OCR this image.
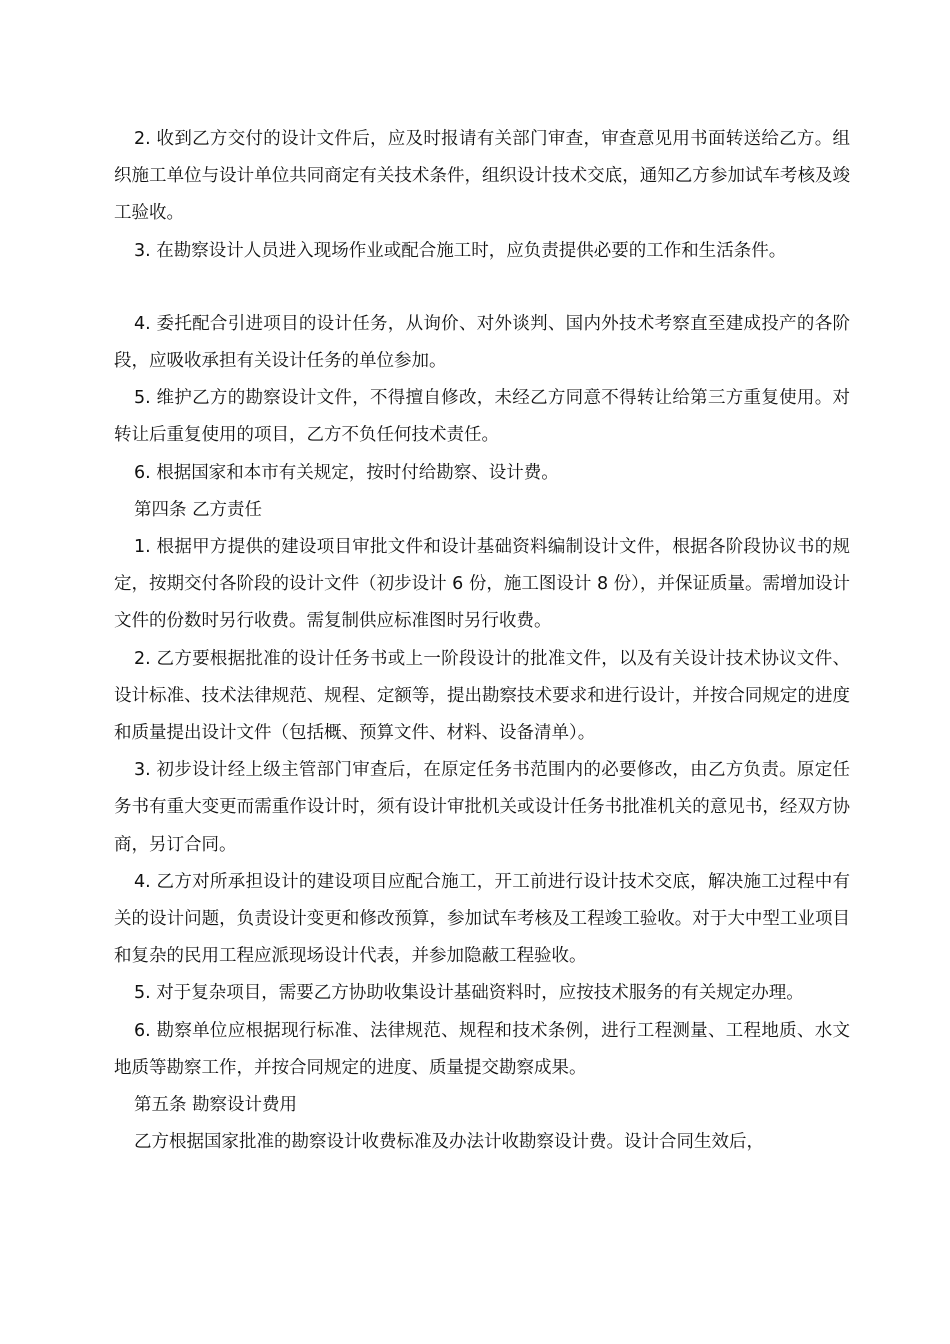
2. 收到乙方交付的设计文件后，应及时报请有关部门审查，审查意见用书面转送给乙方。组织施工单位与设计单位共同商定有关技术条件，组织设计技术交底，通知乙方参加试车考核及竣工验收。

3. 在勘察设计人员进入现场作业或配合施工时，应负责提供必要的工作和生活条件。

4. 委托配合引进项目的设计任务，从询价、对外谈判、国内外技术考察直至建成投产的各阶段，应吸收承担有关设计任务的单位参加。

5. 维护乙方的勘察设计文件，不得擅自修改，未经乙方同意不得转让给第三方重复使用。对转让后重复使用的项目，乙方不负任何技术责任。

6. 根据国家和本市有关规定，按时付给勘察、设计费。

第四条 乙方责任

1. 根据甲方提供的建设项目审批文件和设计基础资料编制设计文件，根据各阶段协议书的规定，按期交付各阶段的设计文件（初步设计 6 份，施工图设计 8 份），并保证质量。需增加设计文件的份数时另行收费。需复制供应标准图时另行收费。

2. 乙方要根据批准的设计任务书或上一阶段设计的批准文件，以及有关设计技术协议文件、设计标准、技术法律规范、规程、定额等，提出勘察技术要求和进行设计，并按合同规定的进度和质量提出设计文件（包括概、预算文件、材料、设备清单）。

3. 初步设计经上级主管部门审查后，在原定任务书范围内的必要修改，由乙方负责。原定任务书有重大变更而需重作设计时，须有设计审批机关或设计任务书批准机关的意见书，经双方协商，另订合同。

4. 乙方对所承担设计的建设项目应配合施工，开工前进行设计技术交底，解决施工过程中有关的设计问题，负责设计变更和修改预算，参加试车考核及工程竣工验收。对于大中型工业项目和复杂的民用工程应派现场设计代表，并参加隐蔽工程验收。

5. 对于复杂项目，需要乙方协助收集设计基础资料时，应按技术服务的有关规定办理。

6. 勘察单位应根据现行标准、法律规范、规程和技术条例，进行工程测量、工程地质、水文地质等勘察工作，并按合同规定的进度、质量提交勘察成果。

第五条 勘察设计费用

乙方根据国家批准的勘察设计收费标准及办法计收勘察设计费。设计合同生效后，
